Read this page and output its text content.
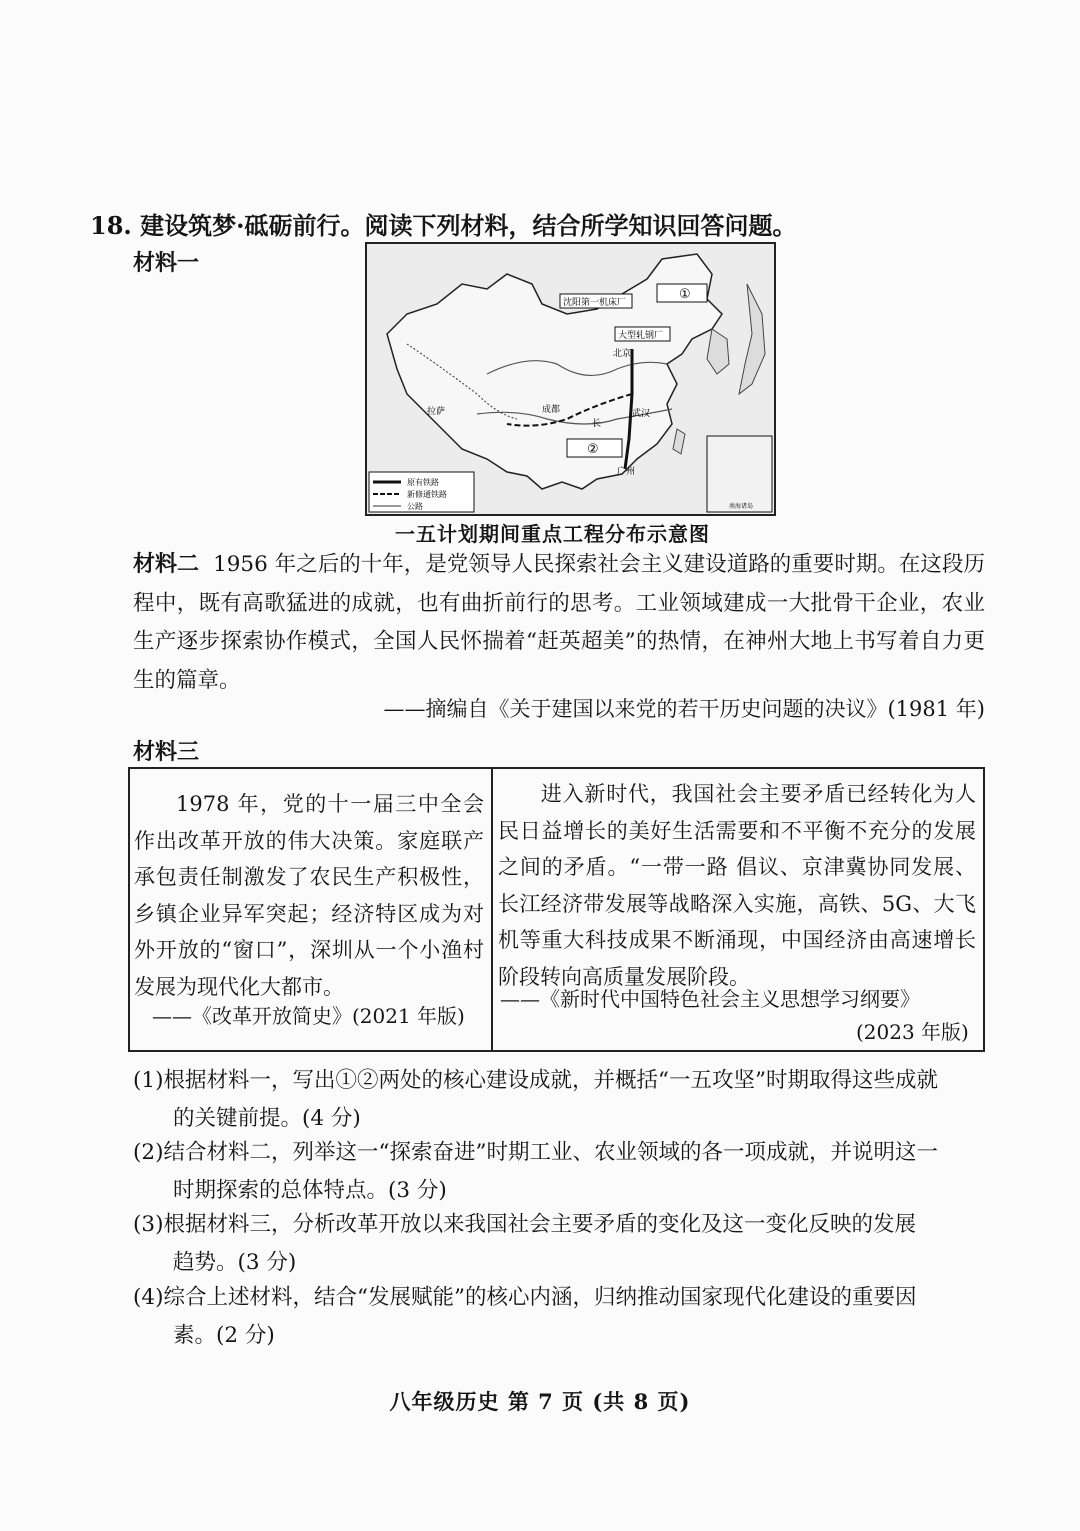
18. 建设筑梦·砥砺前行。阅读下列材料，结合所学知识回答问题。
材料一
沈阳第一机床厂
大型轧钢厂
①
②
北京
武汉
成都
广州
拉萨
长
原有铁路
新修通铁路
公路	南海诸岛
一五计划期间重点工程分布示意图
材料二 1956 年之后的十年，是党领导人民探索社会主义建设道路的重要时期。在这段历程中，既有高歌猛进的成就，也有曲折前行的思考。工业领域建成一大批骨干企业，农业生产逐步探索协作模式，全国人民怀揣着“赶英超美”的热情，在神州大地上书写着自力更生的篇章。
——摘编自《关于建国以来党的若干历史问题的决议》(1981 年)
材料三
1978 年，党的十一届三中全会作出改革开放的伟大决策。家庭联产承包责任制激发了农民生产积极性，乡镇企业异军突起；经济特区成为对外开放的“窗口”，深圳从一个小渔村发展为现代化大都市。
——《改革开放简史》(2021 年版)
进入新时代，我国社会主要矛盾已经转化为人民日益增长的美好生活需要和不平衡不充分的发展之间的矛盾。“一带一路 倡议、京津冀协同发展、长江经济带发展等战略深入实施，高铁、5G、大飞机等重大科技成果不断涌现，中国经济由高速增长阶段转向高质量发展阶段。
——《新时代中国特色社会主义思想学习纲要》
(2023 年版)
(1)根据材料一，写出①②两处的核心建设成就，并概括“一五攻坚”时期取得这些成就
的关键前提。(4 分)
(2)结合材料二，列举这一“探索奋进”时期工业、农业领域的各一项成就，并说明这一
时期探索的总体特点。(3 分)
(3)根据材料三，分析改革开放以来我国社会主要矛盾的变化及这一变化反映的发展
趋势。(3 分)
(4)综合上述材料，结合“发展赋能”的核心内涵，归纳推动国家现代化建设的重要因
素。(2 分)
八年级历史 第 7 页 (共 8 页)
